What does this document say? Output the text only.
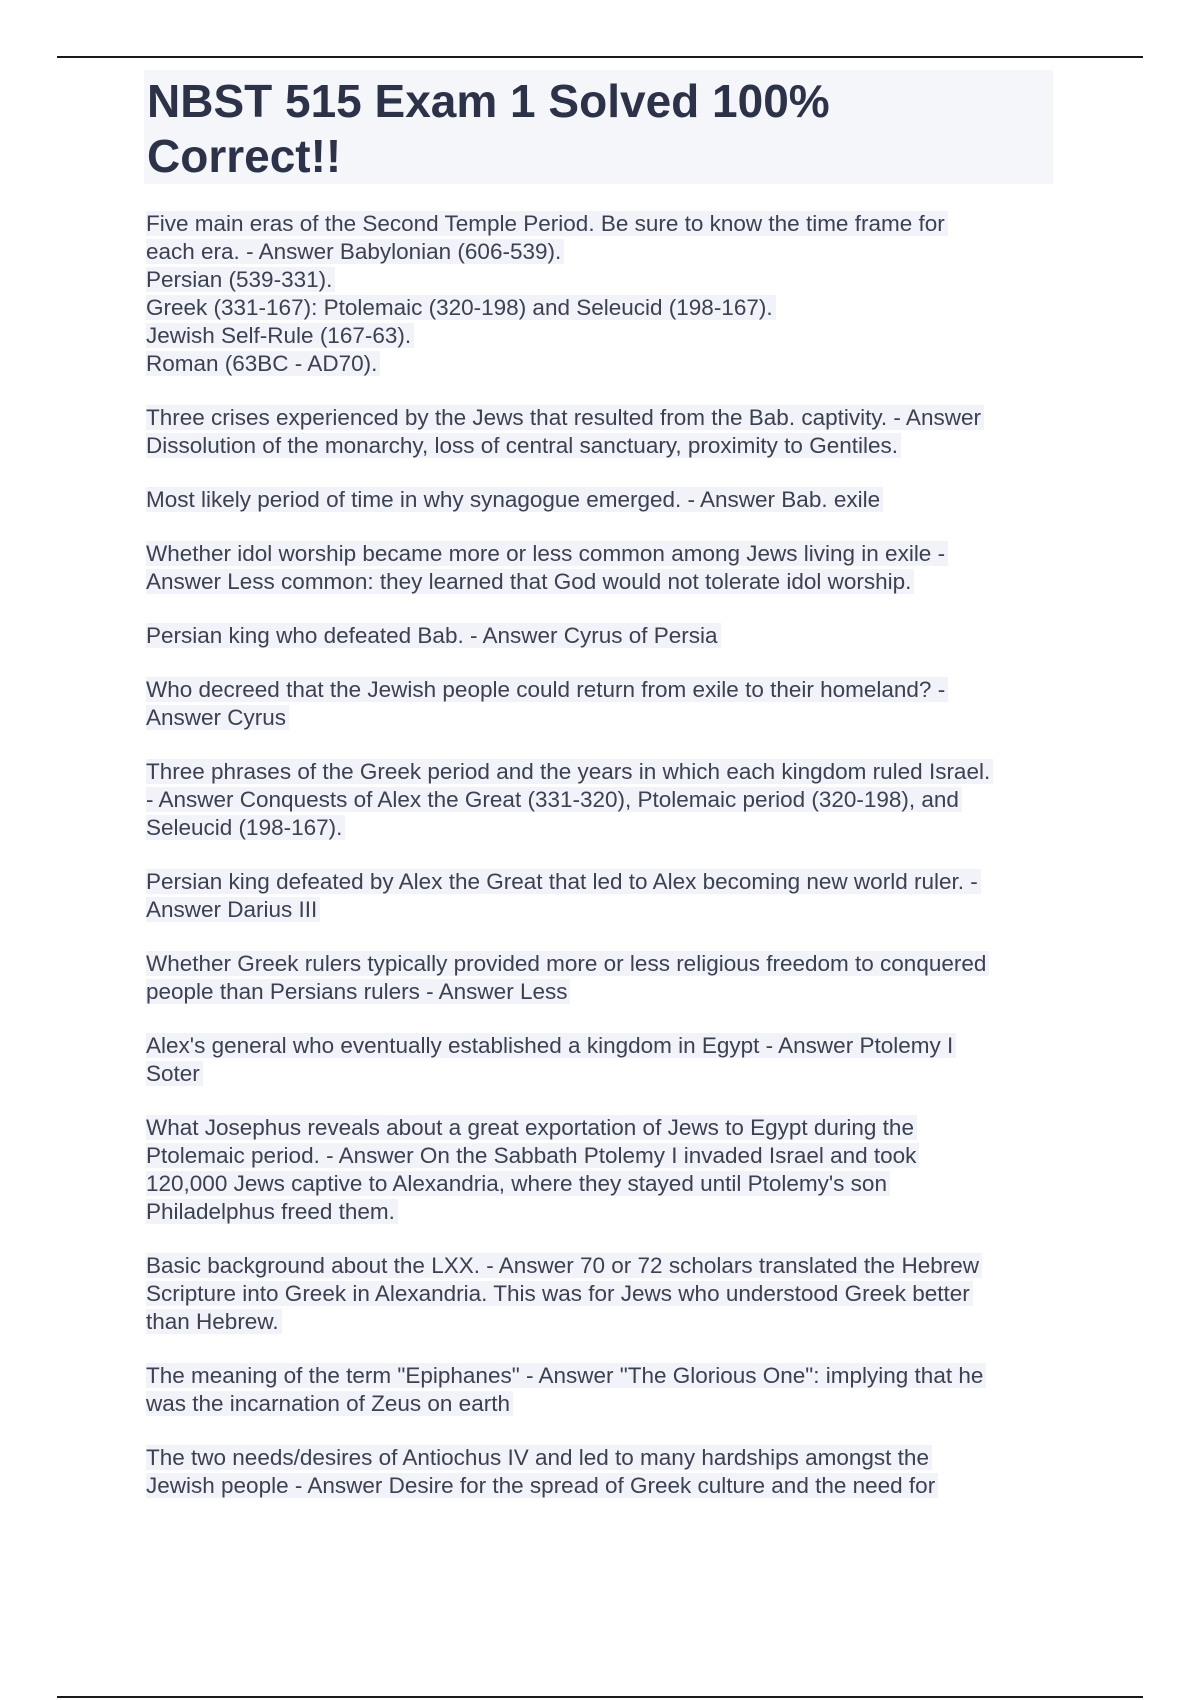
NBST 515 Exam 1 Solved 100%
Correct!!

Five main eras of the Second Temple Period. Be sure to know the time frame for
each era. - Answer Babylonian (606-539).
Persian (539-331).
Greek (331-167): Ptolemaic (320-198) and Seleucid (198-167).
Jewish Self-Rule (167-63).
Roman (63BC - AD70).

Three crises experienced by the Jews that resulted from the Bab. captivity. - Answer
Dissolution of the monarchy, loss of central sanctuary, proximity to Gentiles.

Most likely period of time in why synagogue emerged. - Answer Bab. exile

Whether idol worship became more or less common among Jews living in exile -
Answer Less common: they learned that God would not tolerate idol worship.

Persian king who defeated Bab. - Answer Cyrus of Persia

Who decreed that the Jewish people could return from exile to their homeland? -
Answer Cyrus

Three phrases of the Greek period and the years in which each kingdom ruled Israel.
- Answer Conquests of Alex the Great (331-320), Ptolemaic period (320-198), and
Seleucid (198-167).

Persian king defeated by Alex the Great that led to Alex becoming new world ruler. -
Answer Darius III

Whether Greek rulers typically provided more or less religious freedom to conquered
people than Persians rulers - Answer Less

Alex's general who eventually established a kingdom in Egypt - Answer Ptolemy I
Soter

What Josephus reveals about a great exportation of Jews to Egypt during the
Ptolemaic period. - Answer On the Sabbath Ptolemy I invaded Israel and took
120,000 Jews captive to Alexandria, where they stayed until Ptolemy's son
Philadelphus freed them.

Basic background about the LXX. - Answer 70 or 72 scholars translated the Hebrew
Scripture into Greek in Alexandria. This was for Jews who understood Greek better
than Hebrew.

The meaning of the term "Epiphanes" - Answer "The Glorious One": implying that he
was the incarnation of Zeus on earth

The two needs/desires of Antiochus IV and led to many hardships amongst the
Jewish people - Answer Desire for the spread of Greek culture and the need for
